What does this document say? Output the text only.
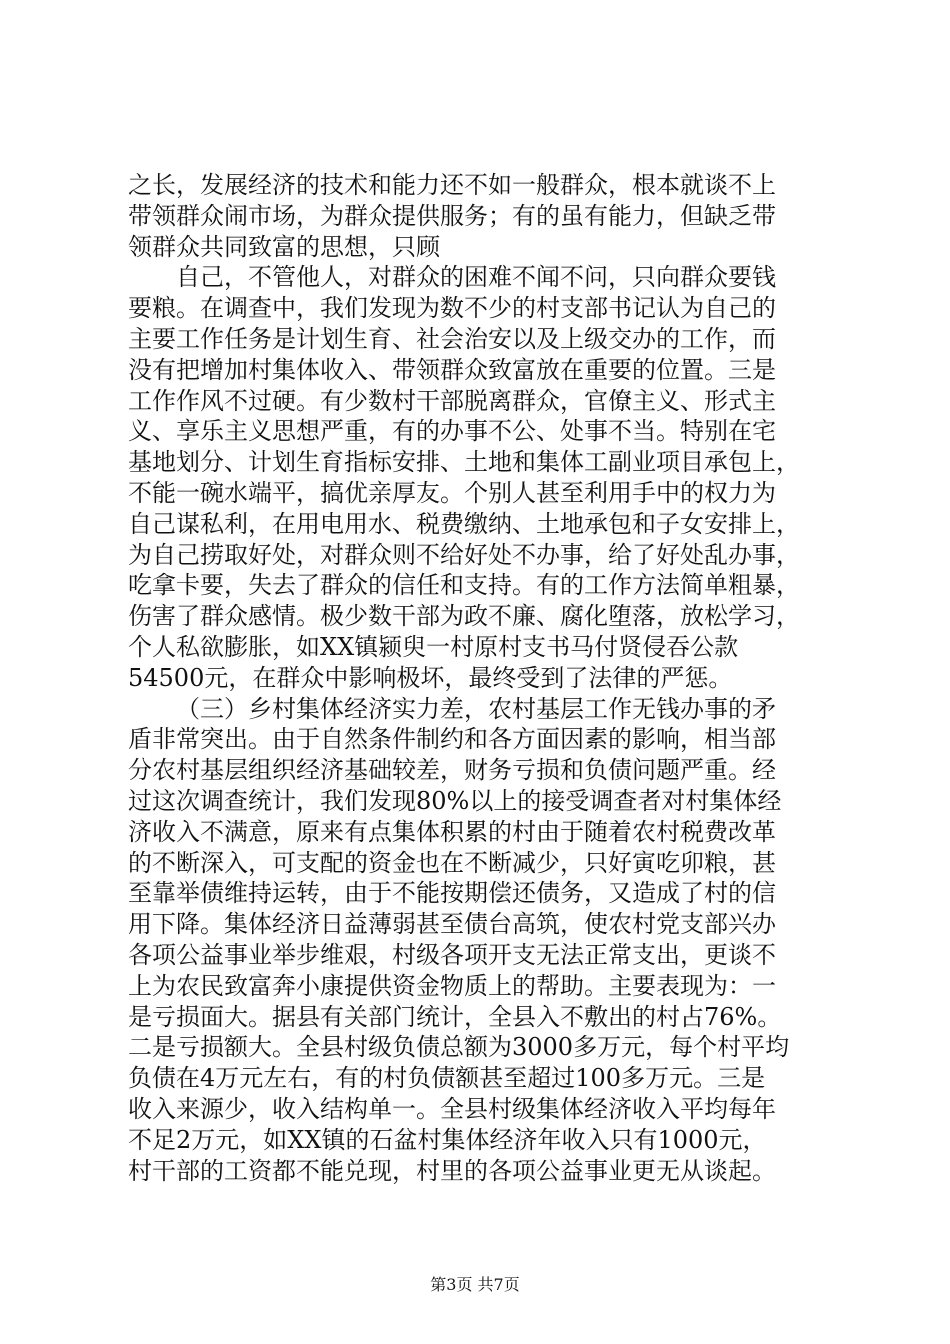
之长，发展经济的技术和能力还不如一般群众，根本就谈不上
带领群众闹市场，为群众提供服务；有的虽有能力，但缺乏带
领群众共同致富的思想，只顾
自己，不管他人，对群众的困难不闻不问，只向群众要钱
要粮。在调查中，我们发现为数不少的村支部书记认为自己的
主要工作任务是计划生育、社会治安以及上级交办的工作，而
没有把增加村集体收入、带领群众致富放在重要的位置。三是
工作作风不过硬。有少数村干部脱离群众，官僚主义、形式主
义、享乐主义思想严重，有的办事不公、处事不当。特别在宅
基地划分、计划生育指标安排、土地和集体工副业项目承包上，
不能一碗水端平，搞优亲厚友。个别人甚至利用手中的权力为
自己谋私利，在用电用水、税费缴纳、土地承包和子女安排上，
为自己捞取好处，对群众则不给好处不办事，给了好处乱办事，
吃拿卡要，失去了群众的信任和支持。有的工作方法简单粗暴，
伤害了群众感情。极少数干部为政不廉、腐化堕落，放松学习，
个人私欲膨胀，如XX镇颍臾一村原村支书马付贤侵吞公款
54500元，在群众中影响极坏，最终受到了法律的严惩。
（三）乡村集体经济实力差，农村基层工作无钱办事的矛
盾非常突出。由于自然条件制约和各方面因素的影响，相当部
分农村基层组织经济基础较差，财务亏损和负债问题严重。经
过这次调查统计，我们发现80%以上的接受调查者对村集体经
济收入不满意，原来有点集体积累的村由于随着农村税费改革
的不断深入，可支配的资金也在不断减少，只好寅吃卯粮，甚
至靠举债维持运转，由于不能按期偿还债务，又造成了村的信
用下降。集体经济日益薄弱甚至债台高筑，使农村党支部兴办
各项公益事业举步维艰，村级各项开支无法正常支出，更谈不
上为农民致富奔小康提供资金物质上的帮助。主要表现为：一
是亏损面大。据县有关部门统计，全县入不敷出的村占76%。
二是亏损额大。全县村级负债总额为3000多万元，每个村平均
负债在4万元左右，有的村负债额甚至超过100多万元。三是
收入来源少，收入结构单一。全县村级集体经济收入平均每年
不足2万元，如XX镇的石盆村集体经济年收入只有1000元，
村干部的工资都不能兑现，村里的各项公益事业更无从谈起。
第3页 共7页
